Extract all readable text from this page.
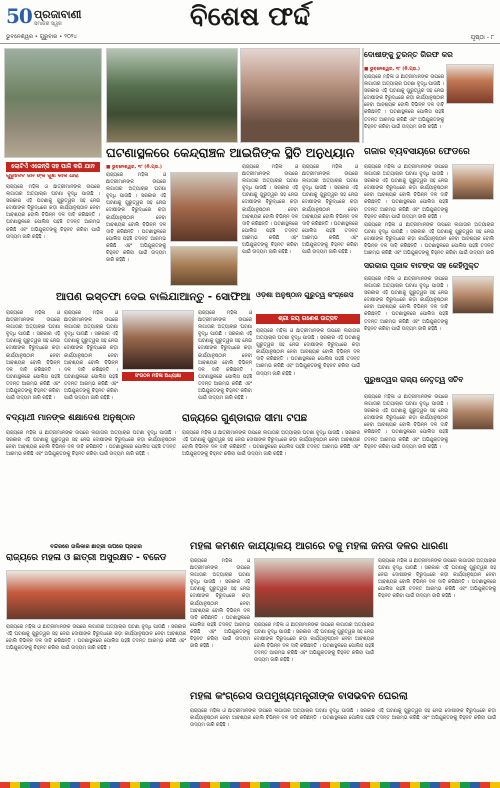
50 ପ୍ରଜାବାଣୀ
ସମାଜର ସ୍ୱର
ଭୁବନେଶ୍ୱର • ଗୁରୁବାର • ୨୦୨୪
ବିଶେଷ ଫର୍ଦ୍ଦ
ପୃଷ୍ଠା - ୮
ଲୋଟିଏଁ ଏଜେନ୍ସି ସହ ପାଳି କରି ଯାନ
ଗୁରୁଦେବ ଜନ ଙ୍କ ଗୁଣ କାଳି ଧାରା
ଦୋଷୀଙ୍କୁ ତୁରନ୍ତ ଗିରଫ କର
■ ଭୁବନେଶ୍ୱର, ୧୮ (ନି.ପ୍ର.)
ରାଜ୍ୟରେ ମହିଳା ଓ ଛାତ୍ରୀମାନଙ୍କ ଉପରେ ଲଗାତାର ଅତ୍ୟାଚାର ଘଟଣା ବୃଦ୍ଧି ପାଉଛି । ସରକାର ଏହି ଘଟଣାକୁ ଗୁରୁତ୍ୱର ସହ ନେଇ ଦୋଷୀଙ୍କ ବିରୁଦ୍ଧରେ କଡ଼ା କାର୍ଯ୍ୟାନୁଷ୍ଠାନ ନେବା ଆବଶ୍ୟକ ବୋଲି ବିଭିନ୍ନ ଦଳ ଦାବି କରିଛନ୍ତି । ଘଟଣାସ୍ଥଳରେ ପୋଲିସ ପହଞ୍ଚି ତଦନ୍ତ ଆରମ୍ଭ କରିଛି ଏବଂ ଅଭିଯୁକ୍ତଙ୍କୁ ଚିହ୍ନଟ କରିବା ପାଇଁ ଉଦ୍ୟମ ଜାରି ରହିଛି ।
ଘଟଣାସ୍ଥଳରେ କେନ୍ଦ୍ରାଞ୍ଚଳ ଆଇଜିଙ୍କ ସ୍ଥିତି ଅନୁଧ୍ୟାନ
■ ଭୁବନେଶ୍ୱର, ୧୮ (ନି.ପ୍ର.)
ରାଜ୍ୟରେ ମହିଳା ଓ ଛାତ୍ରୀମାନଙ୍କ ଉପରେ ଲଗାତାର ଅତ୍ୟାଚାର ଘଟଣା ବୃଦ୍ଧି ପାଉଛି । ସରକାର ଏହି ଘଟଣାକୁ ଗୁରୁତ୍ୱର ସହ ନେଇ ଦୋଷୀଙ୍କ ବିରୁଦ୍ଧରେ କଡ଼ା କାର୍ଯ୍ୟାନୁଷ୍ଠାନ ନେବା ଆବଶ୍ୟକ ବୋଲି ବିଭିନ୍ନ ଦଳ ଦାବି କରିଛନ୍ତି । ଘଟଣାସ୍ଥଳରେ ପୋଲିସ ପହଞ୍ଚି ତଦନ୍ତ ଆରମ୍ଭ କରିଛି ଏବଂ ଅଭିଯୁକ୍ତଙ୍କୁ ଚିହ୍ନଟ କରିବା ପାଇଁ ଉଦ୍ୟମ ଜାରି ରହିଛି ।
ରାଜ୍ୟରେ ମହିଳା ଓ ଛାତ୍ରୀମାନଙ୍କ ଉପରେ ଲଗାତାର ଅତ୍ୟାଚାର ଘଟଣା ବୃଦ୍ଧି ପାଉଛି । ସରକାର ଏହି ଘଟଣାକୁ ଗୁରୁତ୍ୱର ସହ ନେଇ ଦୋଷୀଙ୍କ ବିରୁଦ୍ଧରେ କଡ଼ା କାର୍ଯ୍ୟାନୁଷ୍ଠାନ ନେବା ଆବଶ୍ୟକ ବୋଲି ବିଭିନ୍ନ ଦଳ ଦାବି କରିଛନ୍ତି । ଘଟଣାସ୍ଥଳରେ ପୋଲିସ ପହଞ୍ଚି ତଦନ୍ତ ଆରମ୍ଭ କରିଛି ଏବଂ ଅଭିଯୁକ୍ତଙ୍କୁ ଚିହ୍ନଟ କରିବା ପାଇଁ ଉଦ୍ୟମ ଜାରି ରହିଛି ।
ରାଜ୍ୟରେ ମହିଳା ଓ ଛାତ୍ରୀମାନଙ୍କ ଉପରେ ଲଗାତାର ଅତ୍ୟାଚାର ଘଟଣା ବୃଦ୍ଧି ପାଉଛି । ସରକାର ଏହି ଘଟଣାକୁ ଗୁରୁତ୍ୱର ସହ ନେଇ ଦୋଷୀଙ୍କ ବିରୁଦ୍ଧରେ କଡ଼ା କାର୍ଯ୍ୟାନୁଷ୍ଠାନ ନେବା ଆବଶ୍ୟକ ବୋଲି ବିଭିନ୍ନ ଦଳ ଦାବି କରିଛନ୍ତି । ଘଟଣାସ୍ଥଳରେ ପୋଲିସ ପହଞ୍ଚି ତଦନ୍ତ ଆରମ୍ଭ କରିଛି ଏବଂ ଅଭିଯୁକ୍ତଙ୍କୁ ଚିହ୍ନଟ କରିବା ପାଇଁ ଉଦ୍ୟମ ଜାରି ରହିଛି ।
ରାଜ୍ୟରେ ମହିଳା ଓ ଛାତ୍ରୀମାନଙ୍କ ଉପରେ ଲଗାତାର ଅତ୍ୟାଚାର ଘଟଣା ବୃଦ୍ଧି ପାଉଛି । ସରକାର ଏହି ଘଟଣାକୁ ଗୁରୁତ୍ୱର ସହ ନେଇ ଦୋଷୀଙ୍କ ବିରୁଦ୍ଧରେ କଡ଼ା କାର୍ଯ୍ୟାନୁଷ୍ଠାନ ନେବା ଆବଶ୍ୟକ ବୋଲି ବିଭିନ୍ନ ଦଳ ଦାବି କରିଛନ୍ତି । ଘଟଣାସ୍ଥଳରେ ପୋଲିସ ପହଞ୍ଚି ତଦନ୍ତ ଆରମ୍ଭ କରିଛି ଏବଂ ଅଭିଯୁକ୍ତଙ୍କୁ ଚିହ୍ନଟ କରିବା ପାଇଁ ଉଦ୍ୟମ ଜାରି ରହିଛି ।
ଗଜାର ବ୍ୟବସାୟରେ ଫେଡରେ
ରାଜ୍ୟରେ ମହିଳା ଓ ଛାତ୍ରୀମାନଙ୍କ ଉପରେ ଲଗାତାର ଅତ୍ୟାଚାର ଘଟଣା ବୃଦ୍ଧି ପାଉଛି । ସରକାର ଏହି ଘଟଣାକୁ ଗୁରୁତ୍ୱର ସହ ନେଇ ଦୋଷୀଙ୍କ ବିରୁଦ୍ଧରେ କଡ଼ା କାର୍ଯ୍ୟାନୁଷ୍ଠାନ ନେବା ଆବଶ୍ୟକ ବୋଲି ବିଭିନ୍ନ ଦଳ ଦାବି କରିଛନ୍ତି । ଘଟଣାସ୍ଥଳରେ ପୋଲିସ ପହଞ୍ଚି ତଦନ୍ତ ଆରମ୍ଭ କରିଛି ଏବଂ ଅଭିଯୁକ୍ତଙ୍କୁ ଚିହ୍ନଟ କରିବା ପାଇଁ ଉଦ୍ୟମ ଜାରି ରହିଛି ।
ରାଜ୍ୟରେ ମହିଳା ଓ ଛାତ୍ରୀମାନଙ୍କ ଉପରେ ଲଗାତାର ଅତ୍ୟାଚାର ଘଟଣା ବୃଦ୍ଧି ପାଉଛି । ସରକାର ଏହି ଘଟଣାକୁ ଗୁରୁତ୍ୱର ସହ ନେଇ ଦୋଷୀଙ୍କ ବିରୁଦ୍ଧରେ କଡ଼ା କାର୍ଯ୍ୟାନୁଷ୍ଠାନ ନେବା ଆବଶ୍ୟକ ବୋଲି ବିଭିନ୍ନ ଦଳ ଦାବି କରିଛନ୍ତି । ଘଟଣାସ୍ଥଳରେ ପୋଲିସ ପହଞ୍ଚି ତଦନ୍ତ ଆରମ୍ଭ କରିଛି ଏବଂ ଅଭିଯୁକ୍ତଙ୍କୁ ଚିହ୍ନଟ କରିବା ପାଇଁ ଉଦ୍ୟମ ଜାରି
ସରକାର ପୂଜାଳ ବାଟଙ୍କ ସହ କେହିମୁକ୍ତ
ଆପଣ ଇସ୍ତଫା ଦେଇ ବାଲିଯାଆନ୍ତୁ - ସୋଫିଆ
ରାଜ୍ୟରେ ମହିଳା ଓ ଛାତ୍ରୀମାନଙ୍କ ଉପରେ ଲଗାତାର ଅତ୍ୟାଚାର ଘଟଣା ବୃଦ୍ଧି ପାଉଛି । ସରକାର ଏହି ଘଟଣାକୁ ଗୁରୁତ୍ୱର ସହ ନେଇ ଦୋଷୀଙ୍କ ବିରୁଦ୍ଧରେ କଡ଼ା କାର୍ଯ୍ୟାନୁଷ୍ଠାନ ନେବା ଆବଶ୍ୟକ ବୋଲି ବିଭିନ୍ନ ଦଳ ଦାବି କରିଛନ୍ତି । ଘଟଣାସ୍ଥଳରେ ପୋଲିସ ପହଞ୍ଚି ତଦନ୍ତ ଆରମ୍ଭ କରିଛି ଏବଂ ଅଭିଯୁକ୍ତଙ୍କୁ ଚିହ୍ନଟ କରିବା ପାଇଁ ଉଦ୍ୟମ ଜାରି ରହିଛି ।
ରାଜ୍ୟରେ ମହିଳା ଓ ଛାତ୍ରୀମାନଙ୍କ ଉପରେ ଲଗାତାର ଅତ୍ୟାଚାର ଘଟଣା ବୃଦ୍ଧି ପାଉଛି । ସରକାର ଏହି ଘଟଣାକୁ ଗୁରୁତ୍ୱର ସହ ନେଇ ଦୋଷୀଙ୍କ ବିରୁଦ୍ଧରେ କଡ଼ା କାର୍ଯ୍ୟାନୁଷ୍ଠାନ ନେବା ଆବଶ୍ୟକ ବୋଲି ବିଭିନ୍ନ ଦଳ ଦାବି କରିଛନ୍ତି । ଘଟଣାସ୍ଥଳରେ ପୋଲିସ ପହଞ୍ଚି ତଦନ୍ତ ଆରମ୍ଭ କରିଛି ଏବଂ ଅଭିଯୁକ୍ତଙ୍କୁ ଚିହ୍ନଟ କରିବା ପାଇଁ ଉଦ୍ୟମ ଜାରି ରହିଛି ।
ସଂଗଠନ ମହିଳା ଅଧ୍ୟକ୍ଷା
ରାଜ୍ୟରେ ମହିଳା ଓ ଛାତ୍ରୀମାନଙ୍କ ଉପରେ ଲଗାତାର ଅତ୍ୟାଚାର ଘଟଣା ବୃଦ୍ଧି ପାଉଛି । ସରକାର ଏହି ଘଟଣାକୁ ଗୁରୁତ୍ୱର ସହ ନେଇ ଦୋଷୀଙ୍କ ବିରୁଦ୍ଧରେ କଡ଼ା କାର୍ଯ୍ୟାନୁଷ୍ଠାନ ନେବା ଆବଶ୍ୟକ ବୋଲି ବିଭିନ୍ନ ଦଳ ଦାବି କରିଛନ୍ତି । ଘଟଣାସ୍ଥଳରେ ପୋଲିସ ପହଞ୍ଚି ତଦନ୍ତ ଆରମ୍ଭ କରିଛି ଏବଂ ଅଭିଯୁକ୍ତଙ୍କୁ ଚିହ୍ନଟ କରିବା ପାଇଁ ଉଦ୍ୟମ ଜାରି ରହିଛି ।
ଓଡ଼ିଶା ଅନୁଷ୍ଠାନ ଗୁରୁତ୍ୱ କଂଗ୍ରେସ
ଶ୍ରୀ ଜୟ ଗଣେଶ ଉତ୍ସବ
ରାଜ୍ୟରେ ମହିଳା ଓ ଛାତ୍ରୀମାନଙ୍କ ଉପରେ ଲଗାତାର ଅତ୍ୟାଚାର ଘଟଣା ବୃଦ୍ଧି ପାଉଛି । ସରକାର ଏହି ଘଟଣାକୁ ଗୁରୁତ୍ୱର ସହ ନେଇ ଦୋଷୀଙ୍କ ବିରୁଦ୍ଧରେ କଡ଼ା କାର୍ଯ୍ୟାନୁଷ୍ଠାନ ନେବା ଆବଶ୍ୟକ ବୋଲି ବିଭିନ୍ନ ଦଳ ଦାବି କରିଛନ୍ତି । ଘଟଣାସ୍ଥଳରେ ପୋଲିସ ପହଞ୍ଚି ତଦନ୍ତ ଆରମ୍ଭ କରିଛି ଏବଂ ଅଭିଯୁକ୍ତଙ୍କୁ ଚିହ୍ନଟ କରିବା ପାଇଁ ଉଦ୍ୟମ ଜାରି ରହିଛି ।
ରାଜ୍ୟରେ ମହିଳା ଓ ଛାତ୍ରୀମାନଙ୍କ ଉପରେ ଲଗାତାର ଅତ୍ୟାଚାର ଘଟଣା ବୃଦ୍ଧି ପାଉଛି । ସରକାର ଏହି ଘଟଣାକୁ ଗୁରୁତ୍ୱର ସହ ନେଇ ଦୋଷୀଙ୍କ ବିରୁଦ୍ଧରେ କଡ଼ା କାର୍ଯ୍ୟାନୁଷ୍ଠାନ ନେବା ଆବଶ୍ୟକ ବୋଲି ବିଭିନ୍ନ ଦଳ ଦାବି କରିଛନ୍ତି । ଘଟଣାସ୍ଥଳରେ ପୋଲିସ ପହଞ୍ଚି ତଦନ୍ତ ଆରମ୍ଭ କରିଛି ଏବଂ ଅଭିଯୁକ୍ତଙ୍କୁ ଚିହ୍ନଟ କରିବା ପାଇଁ ଉଦ୍ୟମ ଜାରି ରହିଛି ।
ପୁରୁଷତ୍ୱର ରାଜ୍ୟ ନେତୃତ୍ୱ ସଚିବ
ରାଜ୍ୟରେ ମହିଳା ଓ ଛାତ୍ରୀମାନଙ୍କ ଉପରେ ଲଗାତାର ଅତ୍ୟାଚାର ଘଟଣା ବୃଦ୍ଧି ପାଉଛି । ସରକାର ଏହି ଘଟଣାକୁ ଗୁରୁତ୍ୱର ସହ ନେଇ ଦୋଷୀଙ୍କ ବିରୁଦ୍ଧରେ କଡ଼ା କାର୍ଯ୍ୟାନୁଷ୍ଠାନ ନେବା ଆବଶ୍ୟକ ବୋଲି ବିଭିନ୍ନ ଦଳ ଦାବି କରିଛନ୍ତି । ଘଟଣାସ୍ଥଳରେ ପୋଲିସ ପହଞ୍ଚି ତଦନ୍ତ ଆରମ୍ଭ କରିଛି ଏବଂ ଅଭିଯୁକ୍ତଙ୍କୁ ଚିହ୍ନଟ କରିବା ପାଇଁ ଉଦ୍ୟମ ଜାରି ରହିଛି ।
ବିଦ୍ୟାର୍ଥୀ ମାନଙ୍କ ଶିକ୍ଷାଦେଶ ଅନୁଷ୍ଠାନ
ରାଜ୍ୟରେ ମହିଳା ଓ ଛାତ୍ରୀମାନଙ୍କ ଉପରେ ଲଗାତାର ଅତ୍ୟାଚାର ଘଟଣା ବୃଦ୍ଧି ପାଉଛି । ସରକାର ଏହି ଘଟଣାକୁ ଗୁରୁତ୍ୱର ସହ ନେଇ ଦୋଷୀଙ୍କ ବିରୁଦ୍ଧରେ କଡ଼ା କାର୍ଯ୍ୟାନୁଷ୍ଠାନ ନେବା ଆବଶ୍ୟକ ବୋଲି ବିଭିନ୍ନ ଦଳ ଦାବି କରିଛନ୍ତି । ଘଟଣାସ୍ଥଳରେ ପୋଲିସ ପହଞ୍ଚି ତଦନ୍ତ ଆରମ୍ଭ କରିଛି ଏବଂ ଅଭିଯୁକ୍ତଙ୍କୁ ଚିହ୍ନଟ କରିବା ପାଇଁ ଉଦ୍ୟମ ଜାରି ରହିଛି ।
ରାଜ୍ୟରେ ଗୁଣ୍ଡାରାଜ ସୀମା ଟପିଛି
ରାଜ୍ୟରେ ମହିଳା ଓ ଛାତ୍ରୀମାନଙ୍କ ଉପରେ ଲଗାତାର ଅତ୍ୟାଚାର ଘଟଣା ବୃଦ୍ଧି ପାଉଛି । ସରକାର ଏହି ଘଟଣାକୁ ଗୁରୁତ୍ୱର ସହ ନେଇ ଦୋଷୀଙ୍କ ବିରୁଦ୍ଧରେ କଡ଼ା କାର୍ଯ୍ୟାନୁଷ୍ଠାନ ନେବା ଆବଶ୍ୟକ ବୋଲି ବିଭିନ୍ନ ଦଳ ଦାବି କରିଛନ୍ତି । ଘଟଣାସ୍ଥଳରେ ପୋଲିସ ପହଞ୍ଚି ତଦନ୍ତ ଆରମ୍ଭ କରିଛି ଏବଂ ଅଭିଯୁକ୍ତଙ୍କୁ ଚିହ୍ନଟ କରିବା ପାଇଁ ଉଦ୍ୟମ ଜାରି ରହିଛି ।
ବନ୍ଦରରେ ତାଲିକାର ଛାତ୍ରୀ ଉପରେ ପ୍ରହାର
ରାଜ୍ୟରେ ମହିଳା ଓ ଛାତ୍ରୀ ଅସୁରକ୍ଷିତ - ବିଜେଡି
ରାଜ୍ୟରେ ମହିଳା ଓ ଛାତ୍ରୀମାନଙ୍କ ଉପରେ ଲଗାତାର ଅତ୍ୟାଚାର ଘଟଣା ବୃଦ୍ଧି ପାଉଛି । ସରକାର ଏହି ଘଟଣାକୁ ଗୁରୁତ୍ୱର ସହ ନେଇ ଦୋଷୀଙ୍କ ବିରୁଦ୍ଧରେ କଡ଼ା କାର୍ଯ୍ୟାନୁଷ୍ଠାନ ନେବା ଆବଶ୍ୟକ ବୋଲି ବିଭିନ୍ନ ଦଳ ଦାବି କରିଛନ୍ତି । ଘଟଣାସ୍ଥଳରେ ପୋଲିସ ପହଞ୍ଚି ତଦନ୍ତ ଆରମ୍ଭ କରିଛି ଏବଂ ଅଭିଯୁକ୍ତଙ୍କୁ ଚିହ୍ନଟ କରିବା ପାଇଁ ଉଦ୍ୟମ ଜାରି ରହିଛି ।
ମହିଳା କମିଶନ କାର୍ଯ୍ୟାଳୟ ଆଗରେ ବିଜୁ ମହିଳା ଜନତା ଦଳର ଧାରଣା
ରାଜ୍ୟରେ ମହିଳା ଓ ଛାତ୍ରୀମାନଙ୍କ ଉପରେ ଲଗାତାର ଅତ୍ୟାଚାର ଘଟଣା ବୃଦ୍ଧି ପାଉଛି । ସରକାର ଏହି ଘଟଣାକୁ ଗୁରୁତ୍ୱର ସହ ନେଇ ଦୋଷୀଙ୍କ ବିରୁଦ୍ଧରେ କଡ଼ା କାର୍ଯ୍ୟାନୁଷ୍ଠାନ ନେବା ଆବଶ୍ୟକ ବୋଲି ବିଭିନ୍ନ ଦଳ ଦାବି କରିଛନ୍ତି । ଘଟଣାସ୍ଥଳରେ ପୋଲିସ ପହଞ୍ଚି ତଦନ୍ତ ଆରମ୍ଭ କରିଛି ଏବଂ ଅଭିଯୁକ୍ତଙ୍କୁ ଚିହ୍ନଟ କରିବା ପାଇଁ ଉଦ୍ୟମ ଜାରି ରହିଛି ।
ରାଜ୍ୟରେ ମହିଳା ଓ ଛାତ୍ରୀମାନଙ୍କ ଉପରେ ଲଗାତାର ଅତ୍ୟାଚାର ଘଟଣା ବୃଦ୍ଧି ପାଉଛି । ସରକାର ଏହି ଘଟଣାକୁ ଗୁରୁତ୍ୱର ସହ ନେଇ ଦୋଷୀଙ୍କ ବିରୁଦ୍ଧରେ କଡ଼ା କାର୍ଯ୍ୟାନୁଷ୍ଠାନ ନେବା ଆବଶ୍ୟକ ବୋଲି ବିଭିନ୍ନ ଦଳ ଦାବି କରିଛନ୍ତି । ଘଟଣାସ୍ଥଳରେ ପୋଲିସ ପହଞ୍ଚି ତଦନ୍ତ ଆରମ୍ଭ କରିଛି ଏବଂ ଅଭିଯୁକ୍ତଙ୍କୁ ଚିହ୍ନଟ କରିବା ପାଇଁ ଉଦ୍ୟମ ଜାରି ରହିଛି ।
ରାଜ୍ୟରେ ମହିଳା ଓ ଛାତ୍ରୀମାନଙ୍କ ଉପରେ ଲଗାତାର ଅତ୍ୟାଚାର ଘଟଣା ବୃଦ୍ଧି ପାଉଛି । ସରକାର ଏହି ଘଟଣାକୁ ଗୁରୁତ୍ୱର ସହ ନେଇ ଦୋଷୀଙ୍କ ବିରୁଦ୍ଧରେ କଡ଼ା କାର୍ଯ୍ୟାନୁଷ୍ଠାନ ନେବା ଆବଶ୍ୟକ ବୋଲି ବିଭିନ୍ନ ଦଳ ଦାବି କରିଛନ୍ତି । ଘଟଣାସ୍ଥଳରେ ପୋଲିସ ପହଞ୍ଚି ତଦନ୍ତ ଆରମ୍ଭ କରିଛି ଏବଂ ଅଭିଯୁକ୍ତଙ୍କୁ ଚିହ୍ନଟ କରିବା ପାଇଁ ଉଦ୍ୟମ ଜାରି ରହିଛି ।
ମହିଳା କଂଗ୍ରେସ ଉପମୁଖ୍ୟମନ୍ତ୍ରୀଙ୍କ ବାସଭବନ ଘେରିଲା
ରାଜ୍ୟରେ ମହିଳା ଓ ଛାତ୍ରୀମାନଙ୍କ ଉପରେ ଲଗାତାର ଅତ୍ୟାଚାର ଘଟଣା ବୃଦ୍ଧି ପାଉଛି । ସରକାର ଏହି ଘଟଣାକୁ ଗୁରୁତ୍ୱର ସହ ନେଇ ଦୋଷୀଙ୍କ ବିରୁଦ୍ଧରେ କଡ଼ା କାର୍ଯ୍ୟାନୁଷ୍ଠାନ ନେବା ଆବଶ୍ୟକ ବୋଲି ବିଭିନ୍ନ ଦଳ ଦାବି କରିଛନ୍ତି । ଘଟଣାସ୍ଥଳରେ ପୋଲିସ ପହଞ୍ଚି ତଦନ୍ତ ଆରମ୍ଭ କରିଛି ଏବଂ ଅଭିଯୁକ୍ତଙ୍କୁ ଚିହ୍ନଟ କରିବା ପାଇଁ ଉଦ୍ୟମ ଜାରି ରହିଛି ।
